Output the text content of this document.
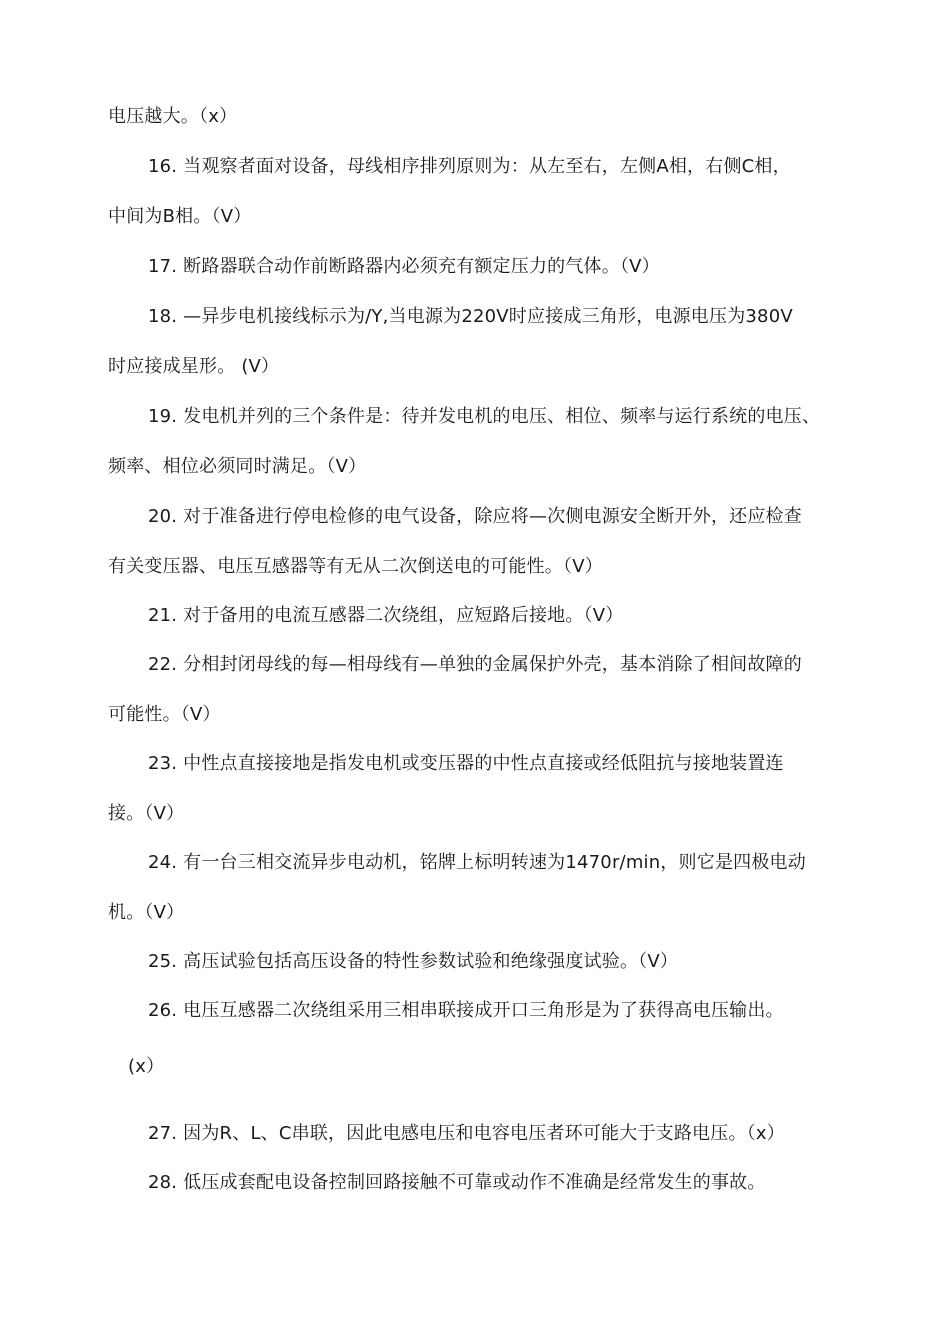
电压越大。（x）
16. 当观察者面对设备，母线相序排列原则为：从左至右，左侧A相，右侧C相，
中间为B相。（V）
17. 断路器联合动作前断路器内必须充有额定压力的气体。（V）
18. —异步电机接线标示为/Y,当电源为220V时应接成三角形，电源电压为380V
时应接成星形。 (V）
19. 发电机并列的三个条件是：待并发电机的电压、相位、频率与运行系统的电压、
频率、相位必须同时满足。（V）
20. 对于准备进行停电检修的电气设备，除应将—次侧电源安全断开外，还应检查
有关变压器、电压互感器等有无从二次倒送电的可能性。（V）
21. 对于备用的电流互感器二次绕组，应短路后接地。（V）
22. 分相封闭母线的每—相母线有—单独的金属保护外壳，基本消除了相间故障的
可能性。（V）
23. 中性点直接接地是指发电机或变压器的中性点直接或经低阻抗与接地装置连
接。（V）
24. 有一台三相交流异步电动机，铭牌上标明转速为1470r/min，则它是四极电动
机。（V）
25. 高压试验包括高压设备的特性参数试验和绝缘强度试验。（V）
26. 电压互感器二次绕组采用三相串联接成开口三角形是为了获得高电压输出。
(x）
27. 因为R、L、C串联，因此电感电压和电容电压者环可能大于支路电压。（x）
28. 低压成套配电设备控制回路接触不可靠或动作不准确是经常发生的事故。
